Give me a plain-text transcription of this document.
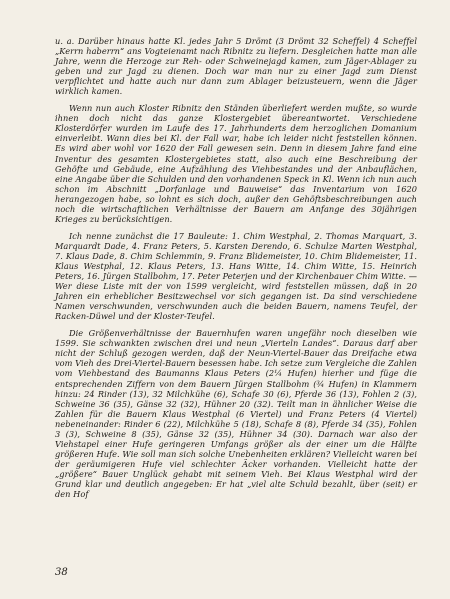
u. a. Darüber hinaus hatte Kl. jedes Jahr 5 Drömt (3 Drömt 32 Scheffel) 4 Scheffel „Kerrn haberrn“ ans Vogteienamt nach Ribnitz zu liefern. Desgleichen hatte man alle Jahre, wenn die Herzoge zur Reh- oder Schweinejagd kamen, zum Jäger-Ablager zu geben und zur Jagd zu dienen. Doch war man nur zu einer Jagd zum Dienst verpflichtet und hatte auch nur dann zum Ablager beizusteuern, wenn die Jäger wirklich kamen.

Wenn nun auch Kloster Ribnitz den Ständen überliefert werden mußte, so wurde ihnen doch nicht das ganze Klostergebiet übereantwortet. Verschiedene Klosterdörfer wurden im Laufe des 17. Jahrhunderts dem herzoglichen Domanium einverleibt. Wann dies bei Kl. der Fall war, habe ich leider nicht feststellen können. Es wird aber wohl vor 1620 der Fall gewesen sein. Denn in diesem Jahre fand eine Inventur des gesamten Klostergebietes statt, also auch eine Beschreibung der Gehöfte und Gebäude, eine Aufzählung des Viehbestandes und der Anbauflächen, eine Angabe über die Schulden und den vorhandenen Speck in Kl. Wenn ich nun auch schon im Abschnitt „Dorfanlage und Bauweise“ das Inventarium von 1620 herangezogen habe, so lohnt es sich doch, außer den Gehöftsbeschreibungen auch noch die wirtschaftlichen Verhältnisse der Bauern am Anfange des 30jährigen Krieges zu berücksichtigen.

Ich nenne zunächst die 17 Bauleute: 1. Chim Westphal, 2. Thomas Marquart, 3. Marquardt Dade, 4. Franz Peters, 5. Karsten Derendo, 6. Schulze Marten Westphal, 7. Klaus Dade, 8. Chim Schlemmin, 9. Franz Blidemeister, 10. Chim Blidemeister, 11. Klaus Westphal, 12. Klaus Peters, 13. Hans Witte, 14. Chim Witte, 15. Heinrich Peters, 16. Jürgen Stallbohm, 17. Peter Peterjen und der Kirchenbauer Chim Witte. — Wer diese Liste mit der von 1599 vergleicht, wird feststellen müssen, daß in 20 Jahren ein erheblicher Besitzwechsel vor sich gegangen ist. Da sind verschiedene Namen verschwunden, verschwunden auch die beiden Bauern, namens Teufel, der Racken-Düwel und der Kloster-Teufel.

Die Größenverhältnisse der Bauernhufen waren ungefähr noch dieselben wie 1599. Sie schwankten zwischen drei und neun „Vierteln Landes“. Daraus darf aber nicht der Schluß gezogen werden, daß der Neun-Viertel-Bauer das Dreifache etwa vom Vieh des Drei-Viertel-Bauern besessen habe. Ich setze zum Vergleiche die Zahlen vom Viehbestand des Baumanns Klaus Peters (2¼ Hufen) hierher und füge die entsprechenden Ziffern von dem Bauern Jürgen Stallbohm (¾ Hufen) in Klammern hinzu: 24 Rinder (13), 32 Milchkühe (6), Schafe 30 (6), Pferde 36 (13), Fohlen 2 (3), Schweine 36 (35), Gänse 32 (32), Hühner 20 (32). Teilt man in ähnlicher Weise die Zahlen für die Bauern Klaus Westphal (6 Viertel) und Franz Peters (4 Viertel) nebeneinander: Rinder 6 (22), Milchkühe 5 (18), Schafe 8 (8), Pferde 34 (35), Fohlen 3 (3), Schweine 8 (35), Gänse 32 (35), Hühner 34 (30). Darnach war also der Viehstapel einer Hufe geringeren Umfangs größer als der einer um die Hälfte größeren Hufe. Wie soll man sich solche Unebenheiten erklären? Vielleicht waren bei der geräumigeren Hufe viel schlechter Äcker vorhanden. Vielleicht hatte der „größere“ Bauer Unglück gehabt mit seinem Vieh. Bei Klaus Westphal wird der Grund klar und deutlich angegeben: Er hat „viel alte Schuld bezahlt, über (seit) er den Hof

38
